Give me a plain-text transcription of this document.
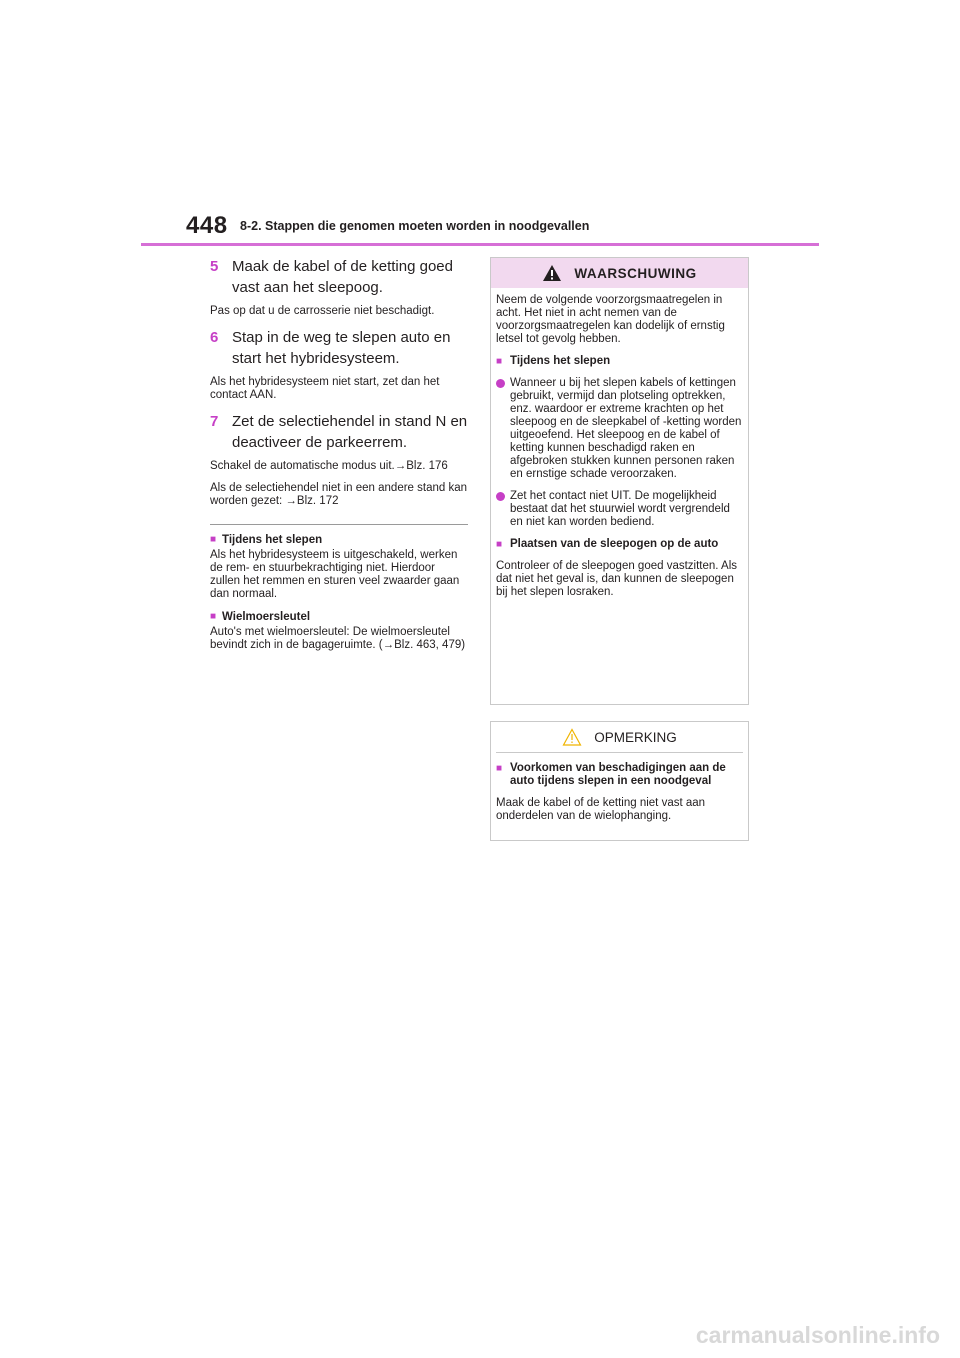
448 8-2. Stappen die genomen moeten worden in noodgevallen
5 Maak de kabel of de ketting goed vast aan het sleepoog.

Pas op dat u de carrosserie niet beschadigt.

6 Stap in de weg te slepen auto en start het hybridesysteem.

Als het hybridesysteem niet start, zet dan het contact AAN.

7 Zet de selectiehendel in stand N en deactiveer de parkeerrem.

Schakel de automatische modus uit.→Blz. 176

Als de selectiehendel niet in een andere stand kan worden gezet: →Blz. 172

■ Tijdens het slepen

Als het hybridesysteem is uitgeschakeld, werken de rem- en stuurbekrachtiging niet. Hierdoor zullen het remmen en sturen veel zwaarder gaan dan normaal.

■ Wielmoersleutel

Auto's met wielmoersleutel: De wielmoersleutel bevindt zich in de bagageruimte. (→Blz. 463, 479)

WAARSCHUWING

Neem de volgende voorzorgsmaatregelen in acht. Het niet in acht nemen van de voorzorgsmaatregelen kan dodelijk of ernstig letsel tot gevolg hebben.

■ Tijdens het slepen
Wanneer u bij het slepen kabels of kettingen gebruikt, vermijd dan plotseling optrekken, enz. waardoor er extreme krachten op het sleepoog en de sleepkabel of -ketting worden uitgeoefend. Het sleepoog en de kabel of ketting kunnen beschadigd raken en afgebroken stukken kunnen personen raken en ernstige schade veroorzaken.
Zet het contact niet UIT. De mogelijkheid bestaat dat het stuurwiel wordt vergrendeld en niet kan worden bediend.
■ Plaatsen van de sleepogen op de auto

Controleer of de sleepogen goed vastzitten. Als dat niet het geval is, dan kunnen de sleepogen bij het slepen losraken.

OPMERKING
■ Voorkomen van beschadigingen aan de auto tijdens slepen in een noodgeval

Maak de kabel of de ketting niet vast aan onderdelen van de wielophanging.

carmanualsonline.info
